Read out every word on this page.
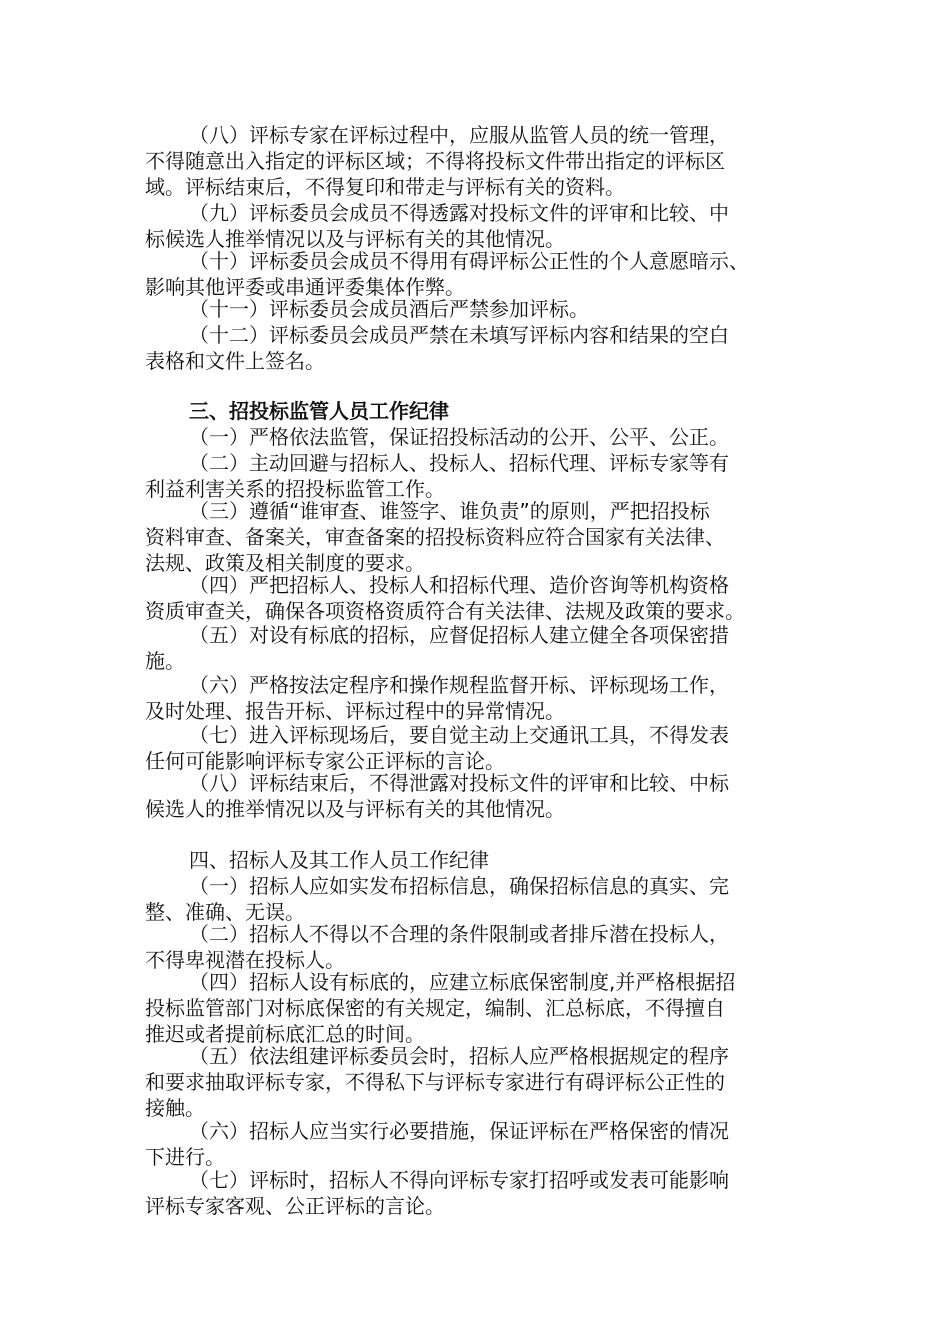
（八）评标专家在评标过程中，应服从监管人员的统一管理，
不得随意出入指定的评标区域；不得将投标文件带出指定的评标区
域。评标结束后，不得复印和带走与评标有关的资料。
（九）评标委员会成员不得透露对投标文件的评审和比较、中
标候选人推举情况以及与评标有关的其他情况。
（十）评标委员会成员不得用有碍评标公正性的个人意愿暗示、
影响其他评委或串通评委集体作弊。
（十一）评标委员会成员酒后严禁参加评标。
（十二）评标委员会成员严禁在未填写评标内容和结果的空白
表格和文件上签名。
三、招投标监管人员工作纪律
（一）严格依法监管，保证招投标活动的公开、公平、公正。
（二）主动回避与招标人、投标人、招标代理、评标专家等有
利益利害关系的招投标监管工作。
（三）遵循“谁审查、谁签字、谁负责”的原则，严把招投标
资料审查、备案关，审查备案的招投标资料应符合国家有关法律、
法规、政策及相关制度的要求。
（四）严把招标人、投标人和招标代理、造价咨询等机构资格
资质审查关，确保各项资格资质符合有关法律、法规及政策的要求。
（五）对设有标底的招标，应督促招标人建立健全各项保密措
施。
（六）严格按法定程序和操作规程监督开标、评标现场工作，
及时处理、报告开标、评标过程中的异常情况。
（七）进入评标现场后，要自觉主动上交通讯工具，不得发表
任何可能影响评标专家公正评标的言论。
（八）评标结束后，不得泄露对投标文件的评审和比较、中标
候选人的推举情况以及与评标有关的其他情况。
四、招标人及其工作人员工作纪律
（一）招标人应如实发布招标信息，确保招标信息的真实、完
整、准确、无误。
（二）招标人不得以不合理的条件限制或者排斥潜在投标人，
不得卑视潜在投标人。
（四）招标人设有标底的，应建立标底保密制度,并严格根据招
投标监管部门对标底保密的有关规定，编制、汇总标底，不得擅自
推迟或者提前标底汇总的时间。
（五）依法组建评标委员会时，招标人应严格根据规定的程序
和要求抽取评标专家，不得私下与评标专家进行有碍评标公正性的
接触。
（六）招标人应当实行必要措施，保证评标在严格保密的情况
下进行。
（七）评标时，招标人不得向评标专家打招呼或发表可能影响
评标专家客观、公正评标的言论。
